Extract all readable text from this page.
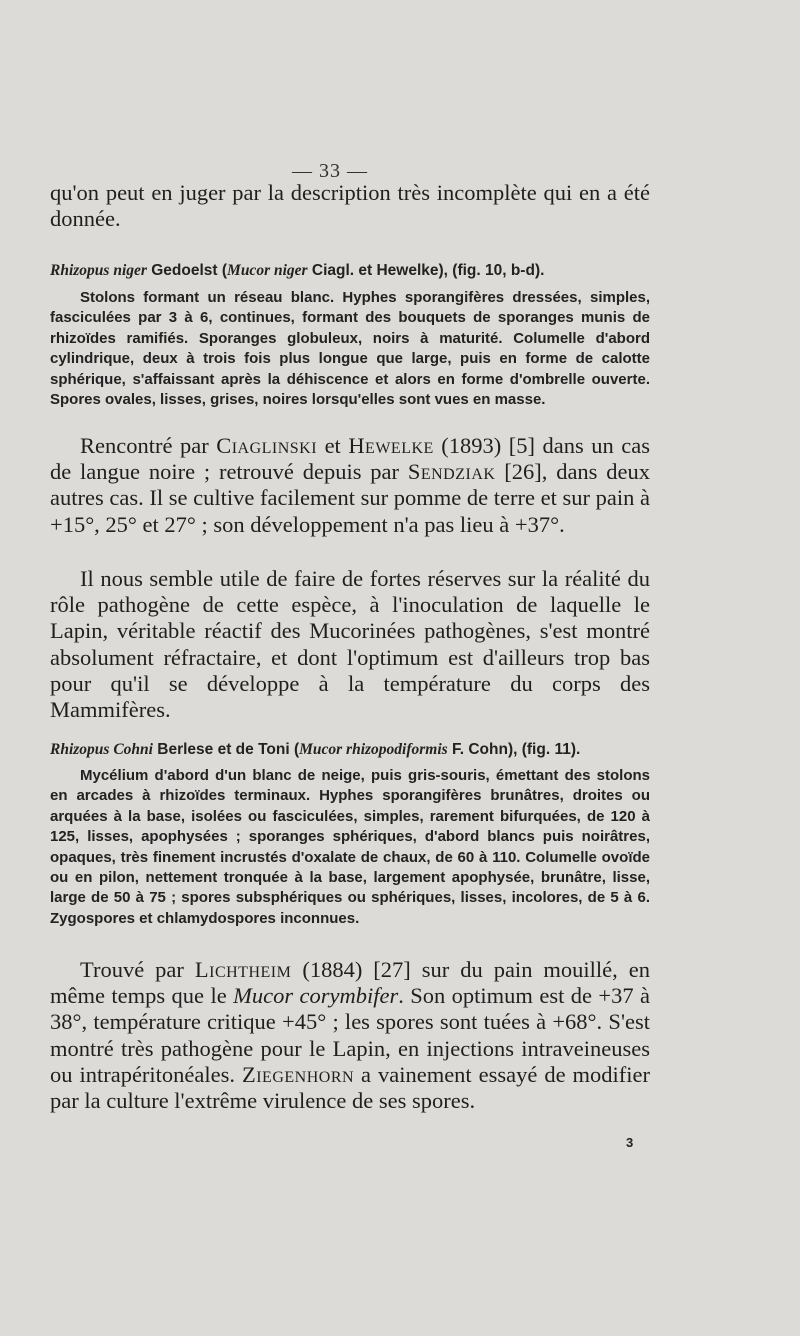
— 33 —

qu'on peut en juger par la description très incomplète qui en a été donnée.

Rhizopus niger Gedoelst (Mucor niger Ciagl. et Hewelke), (fig. 10, b-d).

Stolons formant un réseau blanc. Hyphes sporangifères dressées, simples, fasciculées par 3 à 6, continues, formant des bouquets de sporanges munis de rhizoïdes ramifiés. Sporanges globuleux, noirs à maturité. Columelle d'abord cylindrique, deux à trois fois plus longue que large, puis en forme de calotte sphérique, s'affaissant après la déhiscence et alors en forme d'ombrelle ouverte. Spores ovales, lisses, grises, noires lorsqu'elles sont vues en masse.

Rencontré par Ciaglinski et Hewelke (1893) [5] dans un cas de langue noire ; retrouvé depuis par Sendziak [26], dans deux autres cas. Il se cultive facilement sur pomme de terre et sur pain à +15°, 25° et 27° ; son développement n'a pas lieu à +37°.

Il nous semble utile de faire de fortes réserves sur la réalité du rôle pathogène de cette espèce, à l'inoculation de laquelle le Lapin, véritable réactif des Mucorinées pathogènes, s'est montré absolument réfractaire, et dont l'optimum est d'ailleurs trop bas pour qu'il se développe à la température du corps des Mammifères.

Rhizopus Cohni Berlese et de Toni (Mucor rhizopodiformis F. Cohn), (fig. 11).

Mycélium d'abord d'un blanc de neige, puis gris-souris, émettant des stolons en arcades à rhizoïdes terminaux. Hyphes sporangifères brunâtres, droites ou arquées à la base, isolées ou fasciculées, simples, rarement bifurquées, de 120 à 125, lisses, apophysées ; sporanges sphériques, d'abord blancs puis noirâtres, opaques, très finement incrustés d'oxalate de chaux, de 60 à 110. Columelle ovoïde ou en pilon, nettement tronquée à la base, largement apophysée, brunâtre, lisse, large de 50 à 75 ; spores subsphériques ou sphériques, lisses, incolores, de 5 à 6. Zygospores et chlamydospores inconnues.

Trouvé par Lichtheim (1884) [27] sur du pain mouillé, en même temps que le Mucor corymbifer. Son optimum est de +37 à 38°, température critique +45° ; les spores sont tuées à +68°. S'est montré très pathogène pour le Lapin, en injections intraveineuses ou intrapéritonéales. Ziegenhorn a vainement essayé de modifier par la culture l'extrême virulence de ses spores.

3
